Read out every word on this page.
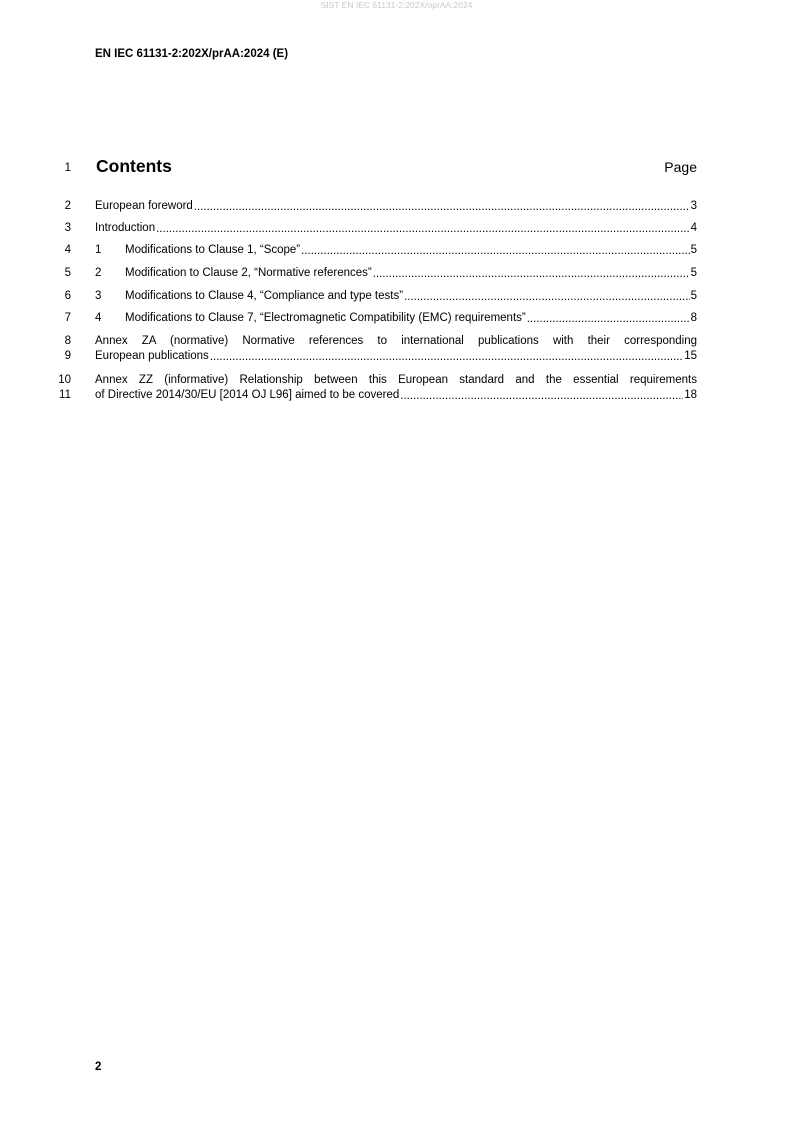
SIST EN IEC 61131-2:202X/oprAA:2024
EN IEC 61131-2:202X/prAA:2024 (E)
1
2
3
4
5
6
7
8
9
10
11
Contents	Page
European foreword .....	3
Introduction .....	4
1	Modifications to Clause 1, “Scope” .....	5
2	Modification to Clause 2, “Normative references” .....	5
3	Modifications to Clause 4, “Compliance and type tests” .....	5
4	Modifications to Clause 7, “Electromagnetic Compatibility (EMC) requirements” .....	8
Annex ZA (normative) Normative references to international publications with their corresponding
European publications .....	15
Annex ZZ (informative) Relationship between this European standard and the essential requirements
of Directive 2014/30/EU [2014 OJ L96] aimed to be covered .....	18
2
